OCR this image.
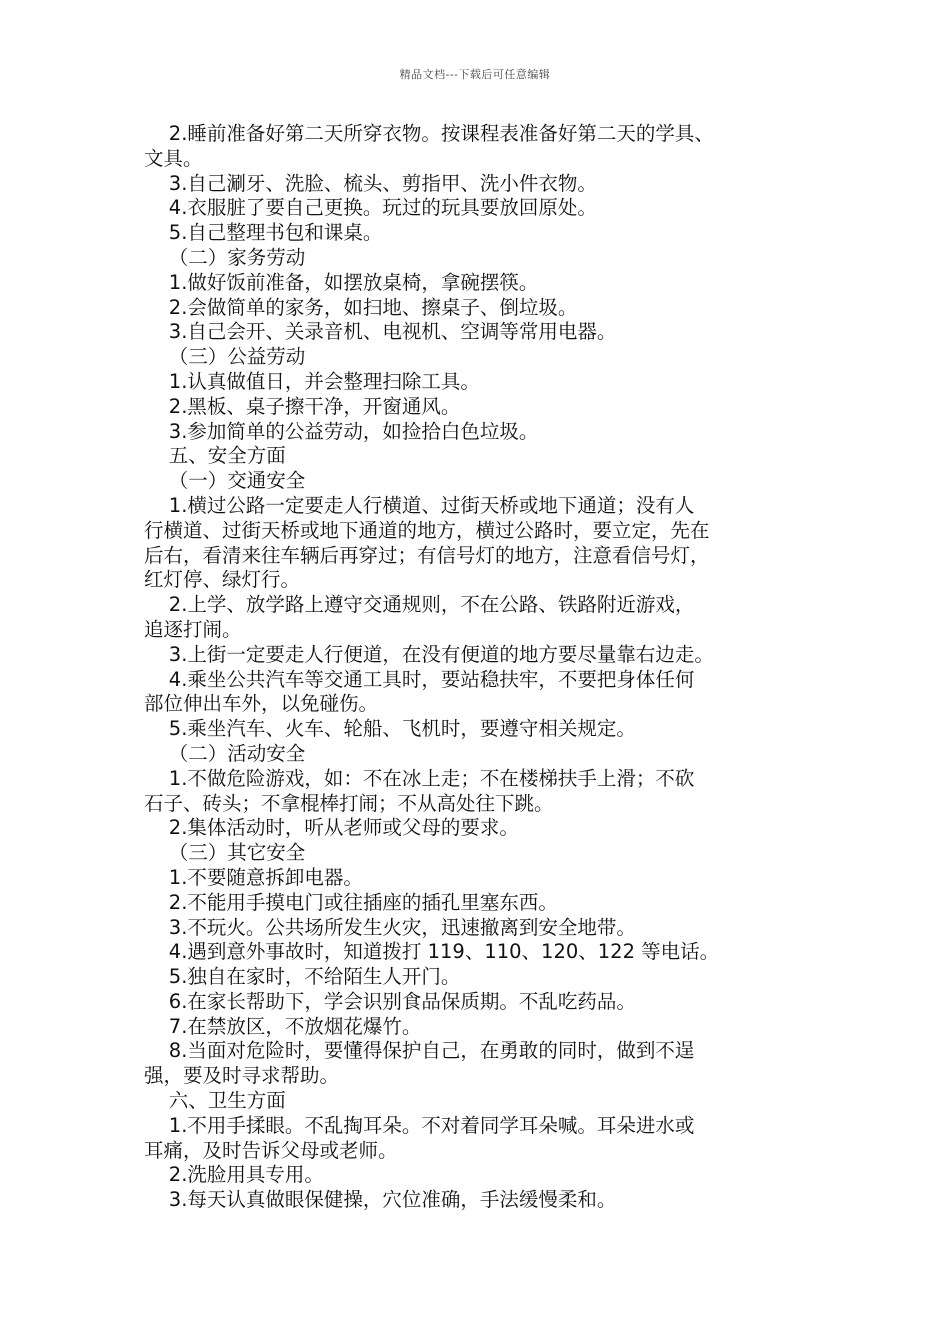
精品文档---下载后可任意编辑
2.睡前准备好第二天所穿衣物。按课程表准备好第二天的学具、
文具。
3.自己涮牙、洗脸、梳头、剪指甲、洗小件衣物。
4.衣服脏了要自己更换。玩过的玩具要放回原处。
5.自己整理书包和课桌。
（二）家务劳动
1.做好饭前准备，如摆放桌椅，拿碗摆筷。
2.会做简单的家务，如扫地、擦桌子、倒垃圾。
3.自己会开、关录音机、电视机、空调等常用电器。
（三）公益劳动
1.认真做值日，并会整理扫除工具。
2.黑板、桌子擦干净，开窗通风。
3.参加简单的公益劳动，如捡拾白色垃圾。
五、安全方面
（一）交通安全
1.横过公路一定要走人行横道、过街天桥或地下通道；没有人
行横道、过街天桥或地下通道的地方，横过公路时，要立定，先在
后右，看清来往车辆后再穿过；有信号灯的地方，注意看信号灯，
红灯停、绿灯行。
2.上学、放学路上遵守交通规则，不在公路、铁路附近游戏，
追逐打闹。
3.上街一定要走人行便道，在没有便道的地方要尽量靠右边走。
4.乘坐公共汽车等交通工具时，要站稳扶牢，不要把身体任何
部位伸出车外，以免碰伤。
5.乘坐汽车、火车、轮船、飞机时，要遵守相关规定。
（二）活动安全
1.不做危险游戏，如：不在冰上走；不在楼梯扶手上滑；不砍
石子、砖头；不拿棍棒打闹；不从高处往下跳。
2.集体活动时，听从老师或父母的要求。
（三）其它安全
1.不要随意拆卸电器。
2.不能用手摸电门或往插座的插孔里塞东西。
3.不玩火。公共场所发生火灾，迅速撤离到安全地带。
4.遇到意外事故时，知道拨打 119、110、120、122 等电话。
5.独自在家时，不给陌生人开门。
6.在家长帮助下，学会识别食品保质期。不乱吃药品。
7.在禁放区，不放烟花爆竹。
8.当面对危险时，要懂得保护自己，在勇敢的同时，做到不逞
强，要及时寻求帮助。
六、卫生方面
1.不用手揉眼。不乱掏耳朵。不对着同学耳朵喊。耳朵进水或
耳痛，及时告诉父母或老师。
2.洗脸用具专用。
3.每天认真做眼保健操，穴位准确，手法缓慢柔和。
